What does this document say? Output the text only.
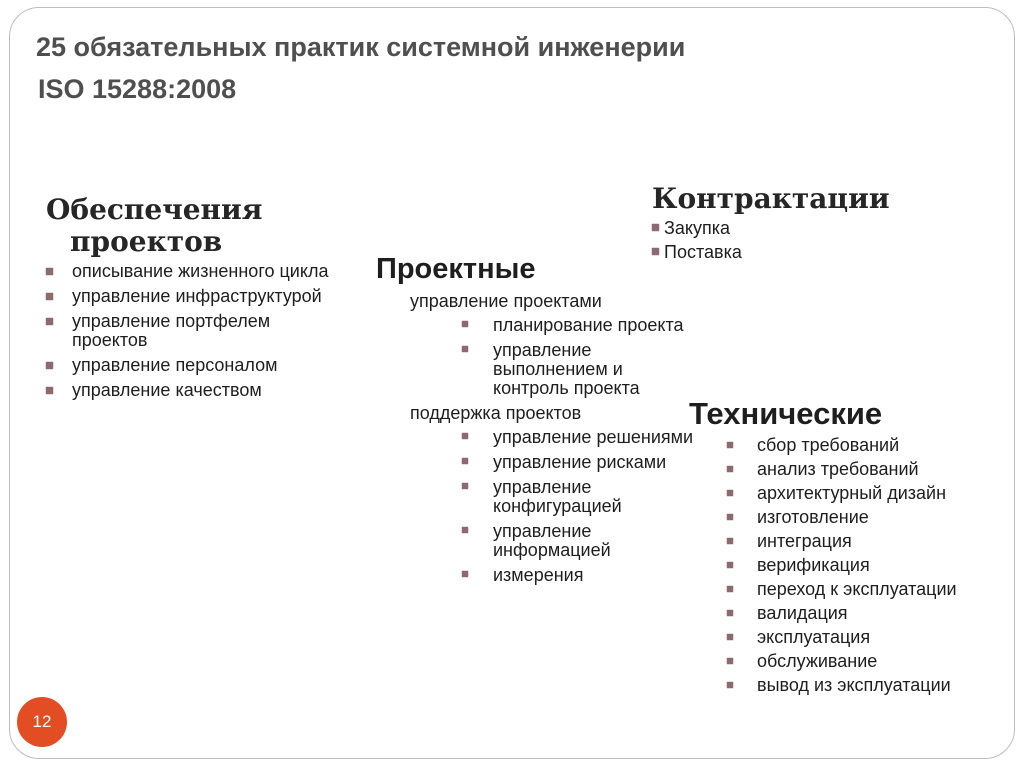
25 обязательных практик системной инженерии
ISO 15288:2008
Обеспечения
проектов
описывание жизненного цикла
управление инфраструктурой
управление портфелем проектов
управление персоналом
управление качеством
Контрактации
Закупка
Поставка
Проектные
управление проектами
планирование проекта
управление выполнением и контроль проекта
поддержка проектов
управление решениями
управление рисками
управление конфигурацией
управление информацией
измерения
Технические
сбор требований
анализ требований
архитектурный дизайн
изготовление
интеграция
верификация
переход к эксплуатации
валидация
эксплуатация
обслуживание
вывод из эксплуатации
12
